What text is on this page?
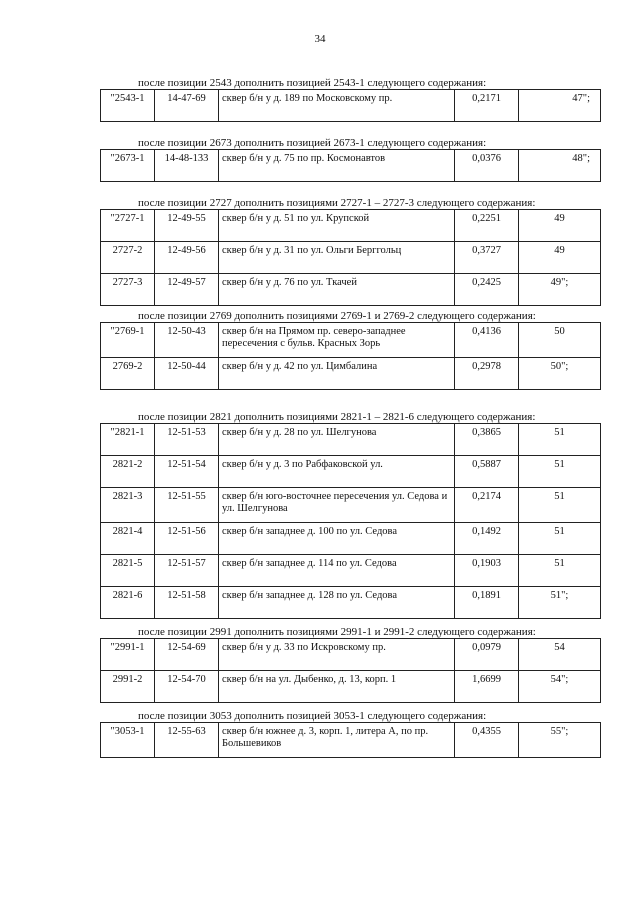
34
после позиции 2543 дополнить позицией 2543-1 следующего содержания:
"2543-1	14-47-69	сквер б/н у д. 189 по Московскому пр.	0,2171	47";
после позиции 2673 дополнить позицией 2673-1 следующего содержания:
"2673-1	14-48-133	сквер б/н у д. 75 по пр. Космонавтов	0,0376	48";
после позиции 2727 дополнить позициями 2727-1 – 2727-3 следующего содержания:
"2727-1	12-49-55	сквер б/н у д. 51 по ул. Крупской	0,2251	49
2727-2	12-49-56	сквер б/н у д. 31 по ул. Ольги Берггольц	0,3727	49
2727-3	12-49-57	сквер б/н у д. 76 по ул. Ткачей	0,2425	49";
после позиции 2769 дополнить позициями 2769-1 и 2769-2 следующего содержания:
"2769-1	12-50-43	сквер б/н на Прямом пр. северо-западнее пересечения с бульв. Красных Зорь	0,4136	50
2769-2	12-50-44	сквер б/н у д. 42 по ул. Цимбалина	0,2978	50";
после позиции 2821 дополнить позициями 2821-1 – 2821-6 следующего содержания:
"2821-1	12-51-53	сквер б/н у д. 28 по ул. Шелгунова	0,3865	51
2821-2	12-51-54	сквер б/н у д. 3 по Рабфаковской ул.	0,5887	51
2821-3	12-51-55	сквер б/н юго-восточнее пересечения ул. Седова и ул. Шелгунова	0,2174	51
2821-4	12-51-56	сквер б/н западнее д. 100 по ул. Седова	0,1492	51
2821-5	12-51-57	сквер б/н западнее д. 114 по ул. Седова	0,1903	51
2821-6	12-51-58	сквер б/н западнее д. 128 по ул. Седова	0,1891	51";
после позиции 2991 дополнить позициями 2991-1 и 2991-2 следующего содержания:
"2991-1	12-54-69	сквер б/н у д. 33 по Искровскому пр.	0,0979	54
2991-2	12-54-70	сквер б/н на ул. Дыбенко, д. 13, корп. 1	1,6699	54";
после позиции 3053 дополнить позицией 3053-1 следующего содержания:
"3053-1	12-55-63	сквер б/н южнее д. 3, корп. 1, литера А, по пр. Большевиков	0,4355	55";
